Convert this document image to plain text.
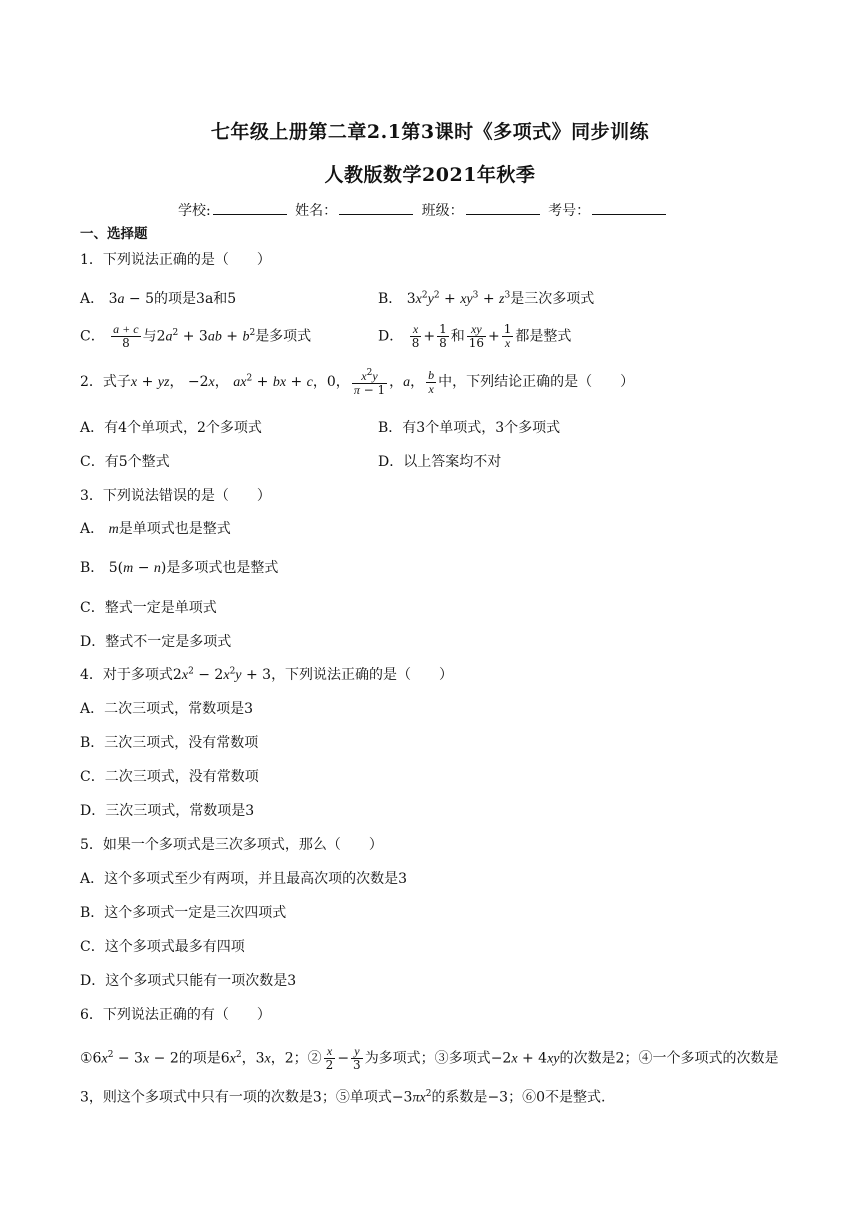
七年级上册第二章2.1第3课时《多项式》同步训练
人教版数学2021年秋季
学校:	姓名：	班级：	考号：
一、选择题
1．下列说法正确的是（　　）
A． 3a − 5的项是3a和5	B． $3x^2y^2 + xy^3 + z^3$是三次多项式
C． $\frac{a + c}{8}$ 与$2a^2 + 3ab + b^2$是多项式	D． $\frac{x}{8} + \frac{1}{8}$ 和 $\frac{xy}{16} + \frac{1}{x}$ 都是整式
2．式子x + yz， −2x， $ax^2$ + bx + c，0， $\frac{x^2y}{\pi - 1}$ ，a， $\frac{b}{x}$ 中，下列结论正确的是（　　）
A．有4个单项式，2个多项式	B．有3个单项式，3个多项式
C．有5个整式	D．以上答案均不对
3．下列说法错误的是（　　）
A． m是单项式也是整式
B． 5(m − n)是多项式也是整式
C．整式一定是单项式
D．整式不一定是多项式
4．对于多项式$2x^2 - 2x^2y + 3$，下列说法正确的是（　　）
A．二次三项式，常数项是3
B．三次三项式，没有常数项
C．二次三项式，没有常数项
D．三次三项式，常数项是3
5．如果一个多项式是三次多项式，那么（　　）
A．这个多项式至少有两项，并且最高次项的次数是3
B．这个多项式一定是三次四项式
C．这个多项式最多有四项
D．这个多项式只能有一项次数是3
6．下列说法正确的有（　　）
$①6x^2 - 3x - 2$的项是$6x^2$，3x，2；② $\frac{x}{2} - \frac{y}{3}$ 为多项式；③多项式−2x + 4xy的次数是2；④一个多项式的次数是3，则这个多项式中只有一项的次数是3；⑤单项式$-3\pi x^2$的系数是−3；⑥0不是整式.
